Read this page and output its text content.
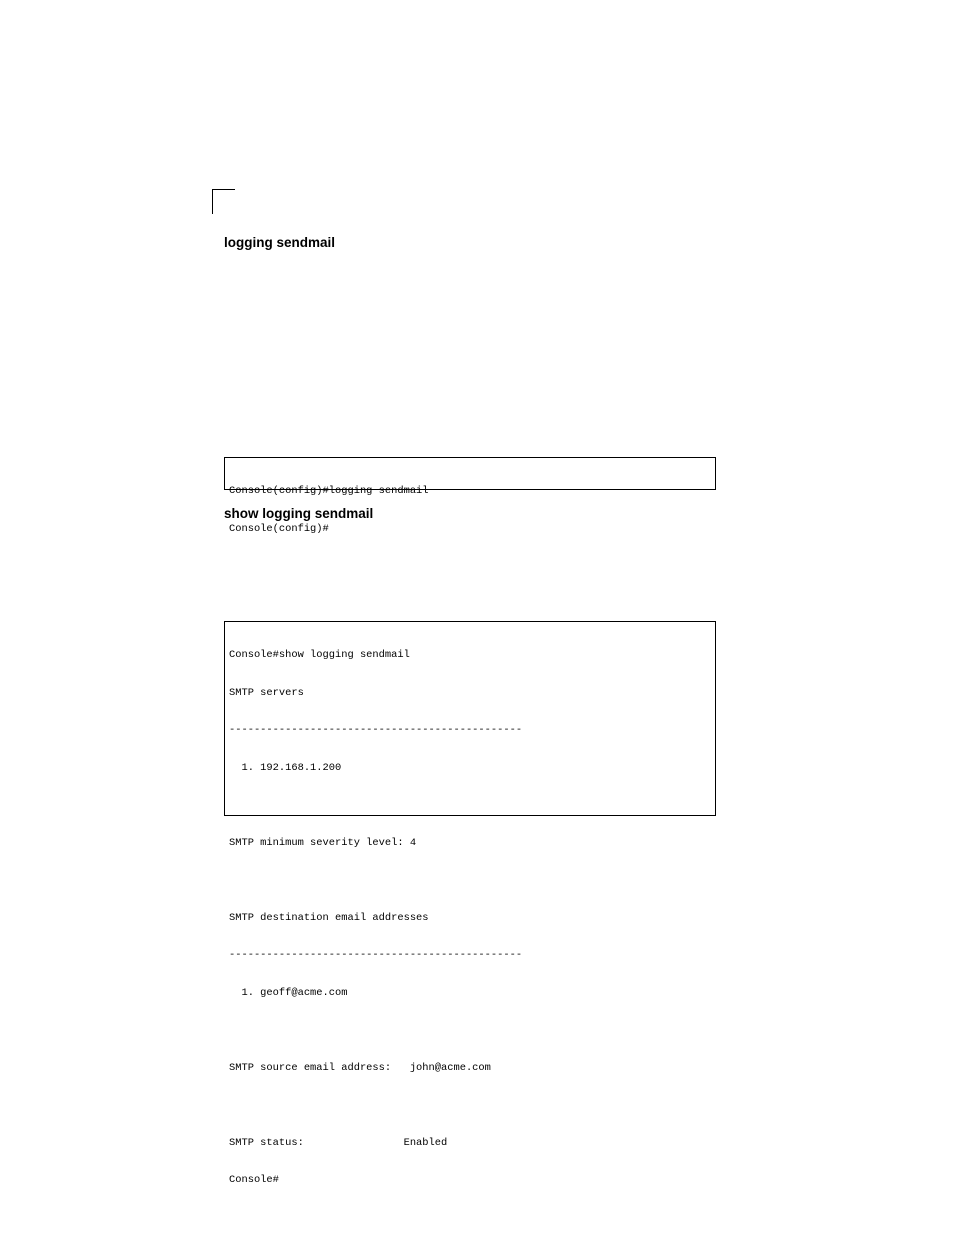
logging sendmail

Console(config)#logging sendmail

Console(config)#

show logging sendmail

Console#show logging sendmail

SMTP servers

-----------------------------------------------

1. 192.168.1.200

SMTP minimum severity level: 4

SMTP destination email addresses

-----------------------------------------------

1. geoff@acme.com

SMTP source email address:   john@acme.com

SMTP status:                Enabled

Console#
